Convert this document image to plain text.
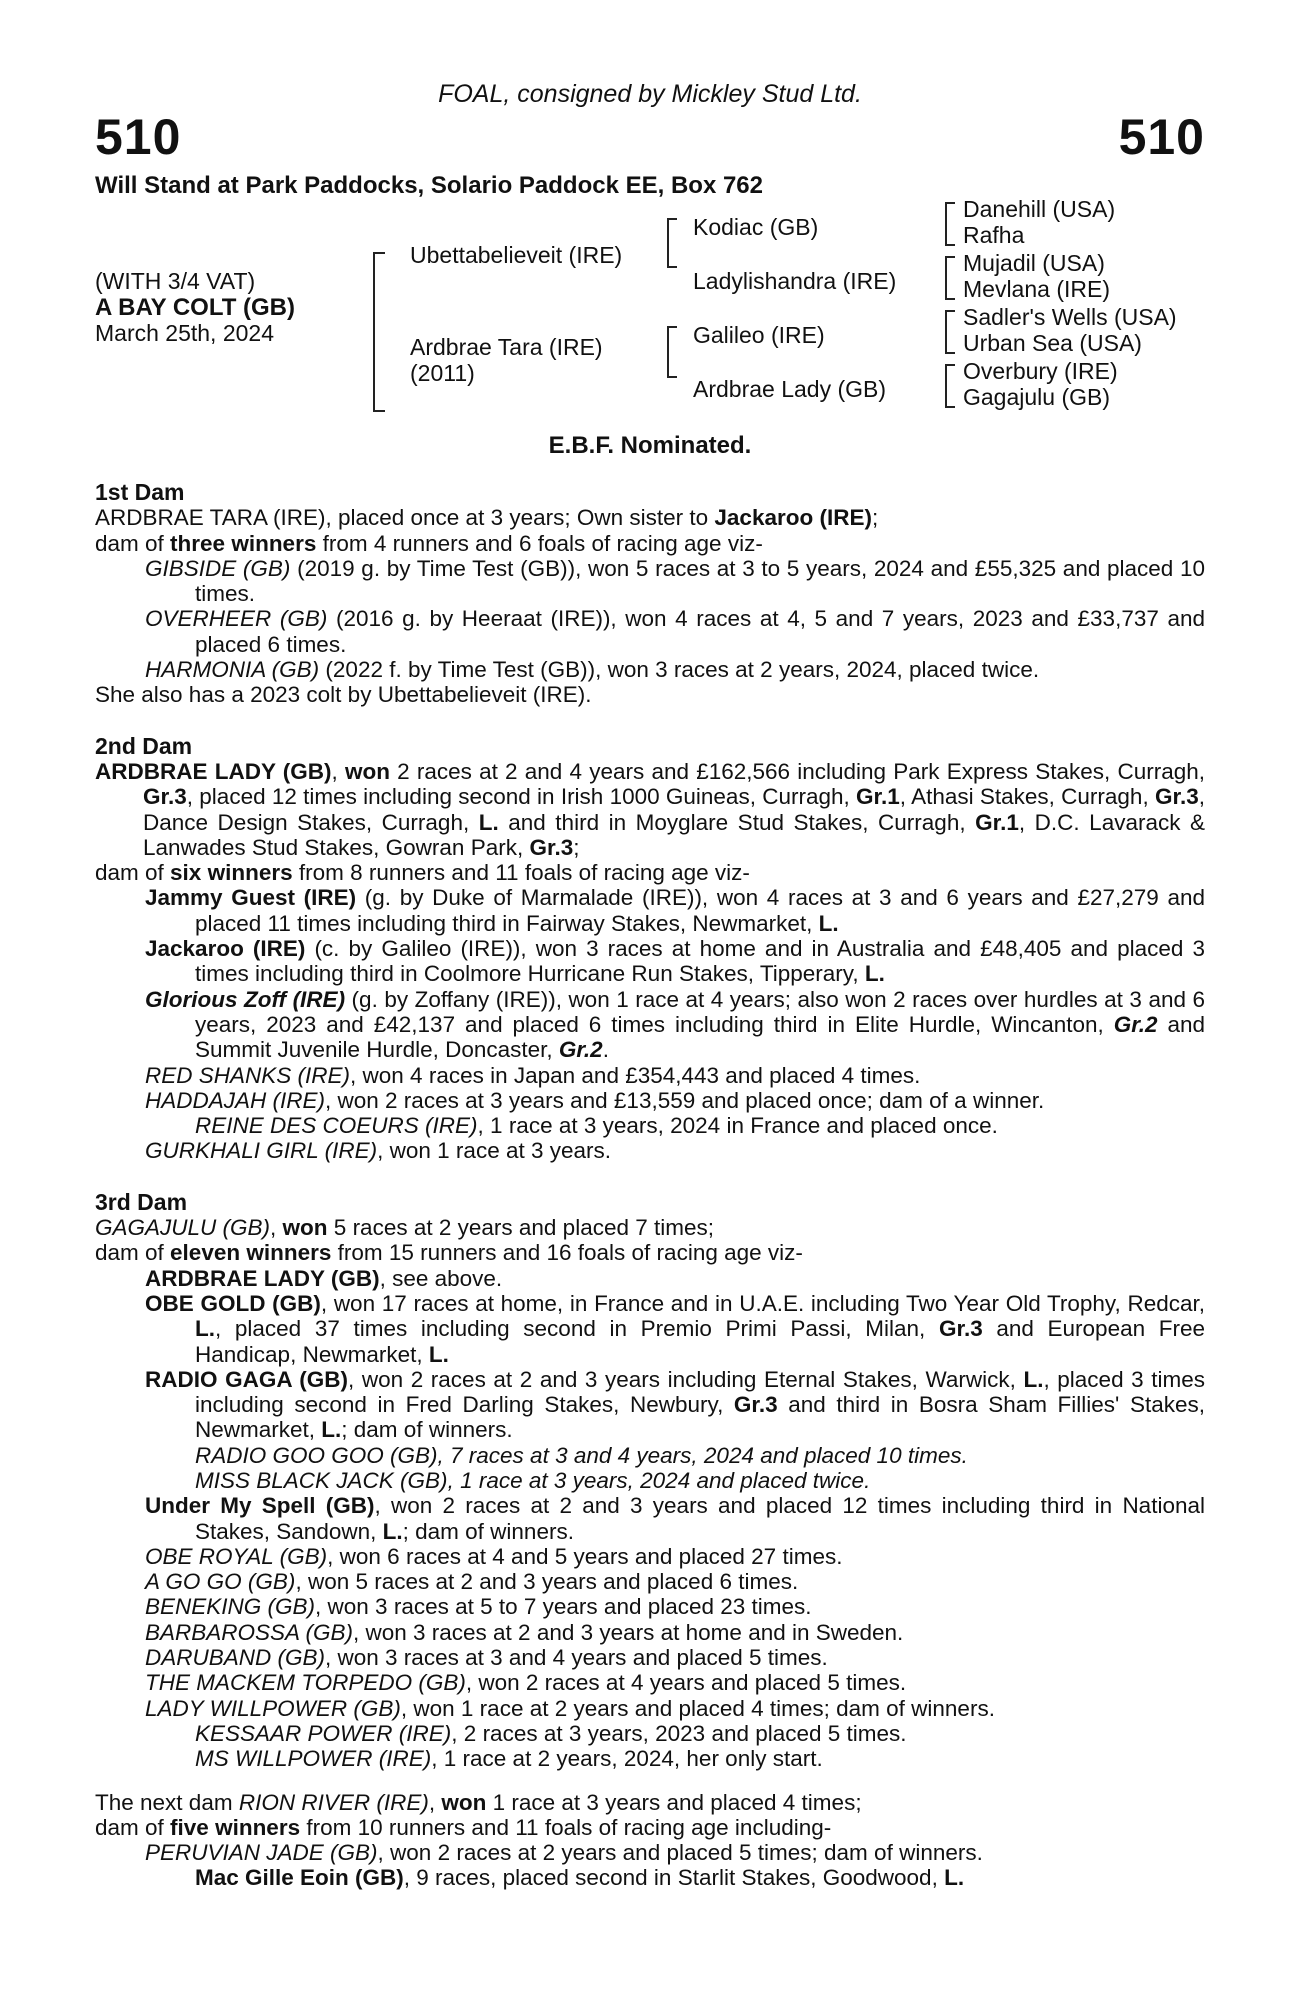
FOAL, consigned by Mickley Stud Ltd.
510	510
Will Stand at Park Paddocks, Solario Paddock EE, Box 762
(WITH 3/4 VAT)
A BAY COLT (GB)
March 25th, 2024
Ubettabelieveit (IRE)
Ardbrae Tara (IRE)
(2011)
Kodiac (GB)
Ladylishandra (IRE)
Galileo (IRE)
Ardbrae Lady (GB)
Danehill (USA)
Rafha
Mujadil (USA)
Mevlana (IRE)
Sadler's Wells (USA)
Urban Sea (USA)
Overbury (IRE)
Gagajulu (GB)
E.B.F. Nominated.
1st Dam

ARDBRAE TARA (IRE), placed once at 3 years; Own sister to Jackaroo (IRE);

dam of three winners from 4 runners and 6 foals of racing age viz-

GIBSIDE (GB) (2019 g. by Time Test (GB)), won 5 races at 3 to 5 years, 2024 and £55,325 and placed 10 times.

OVERHEER (GB) (2016 g. by Heeraat (IRE)), won 4 races at 4, 5 and 7 years, 2023 and £33,737 and placed 6 times.

HARMONIA (GB) (2022 f. by Time Test (GB)), won 3 races at 2 years, 2024, placed twice.

She also has a 2023 colt by Ubettabelieveit (IRE).

2nd Dam

ARDBRAE LADY (GB), won 2 races at 2 and 4 years and £162,566 including Park Express Stakes, Curragh, Gr.3, placed 12 times including second in Irish 1000 Guineas, Curragh, Gr.1, Athasi Stakes, Curragh, Gr.3, Dance Design Stakes, Curragh, L. and third in Moyglare Stud Stakes, Curragh, Gr.1, D.C. Lavarack & Lanwades Stud Stakes, Gowran Park, Gr.3;

dam of six winners from 8 runners and 11 foals of racing age viz-

Jammy Guest (IRE) (g. by Duke of Marmalade (IRE)), won 4 races at 3 and 6 years and £27,279 and placed 11 times including third in Fairway Stakes, Newmarket, L.

Jackaroo (IRE) (c. by Galileo (IRE)), won 3 races at home and in Australia and £48,405 and placed 3 times including third in Coolmore Hurricane Run Stakes, Tipperary, L.

Glorious Zoff (IRE) (g. by Zoffany (IRE)), won 1 race at 4 years; also won 2 races over hurdles at 3 and 6 years, 2023 and £42,137 and placed 6 times including third in Elite Hurdle, Wincanton, Gr.2 and Summit Juvenile Hurdle, Doncaster, Gr.2.

RED SHANKS (IRE), won 4 races in Japan and £354,443 and placed 4 times.

HADDAJAH (IRE), won 2 races at 3 years and £13,559 and placed once; dam of a winner.

REINE DES COEURS (IRE), 1 race at 3 years, 2024 in France and placed once.

GURKHALI GIRL (IRE), won 1 race at 3 years.

3rd Dam

GAGAJULU (GB), won 5 races at 2 years and placed 7 times;

dam of eleven winners from 15 runners and 16 foals of racing age viz-

ARDBRAE LADY (GB), see above.

OBE GOLD (GB), won 17 races at home, in France and in U.A.E. including Two Year Old Trophy, Redcar, L., placed 37 times including second in Premio Primi Passi, Milan, Gr.3 and European Free Handicap, Newmarket, L.

RADIO GAGA (GB), won 2 races at 2 and 3 years including Eternal Stakes, Warwick, L., placed 3 times including second in Fred Darling Stakes, Newbury, Gr.3 and third in Bosra Sham Fillies' Stakes, Newmarket, L.; dam of winners.

RADIO GOO GOO (GB), 7 races at 3 and 4 years, 2024 and placed 10 times.

MISS BLACK JACK (GB), 1 race at 3 years, 2024 and placed twice.

Under My Spell (GB), won 2 races at 2 and 3 years and placed 12 times including third in National Stakes, Sandown, L.; dam of winners.

OBE ROYAL (GB), won 6 races at 4 and 5 years and placed 27 times.

A GO GO (GB), won 5 races at 2 and 3 years and placed 6 times.

BENEKING (GB), won 3 races at 5 to 7 years and placed 23 times.

BARBAROSSA (GB), won 3 races at 2 and 3 years at home and in Sweden.

DARUBAND (GB), won 3 races at 3 and 4 years and placed 5 times.

THE MACKEM TORPEDO (GB), won 2 races at 4 years and placed 5 times.

LADY WILLPOWER (GB), won 1 race at 2 years and placed 4 times; dam of winners.

KESSAAR POWER (IRE), 2 races at 3 years, 2023 and placed 5 times.

MS WILLPOWER (IRE), 1 race at 2 years, 2024, her only start.

The next dam RION RIVER (IRE), won 1 race at 3 years and placed 4 times;

dam of five winners from 10 runners and 11 foals of racing age including-

PERUVIAN JADE (GB), won 2 races at 2 years and placed 5 times; dam of winners.

Mac Gille Eoin (GB), 9 races, placed second in Starlit Stakes, Goodwood, L.
